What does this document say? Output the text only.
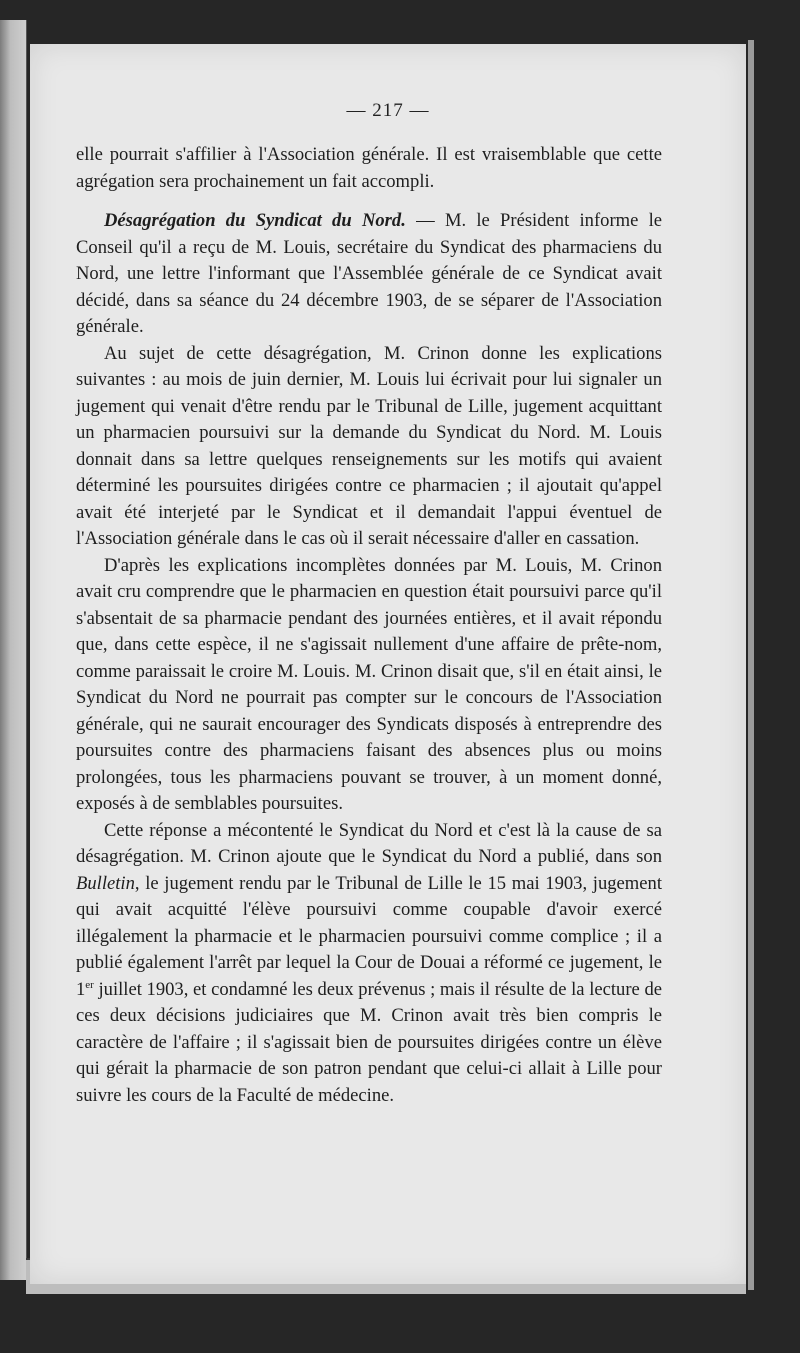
— 217 —

elle pourrait s'affilier à l'Association générale. Il est vraisemblable que cette agrégation sera prochainement un fait accompli.

Désagrégation du Syndicat du Nord. — M. le Président informe le Conseil qu'il a reçu de M. Louis, secrétaire du Syndicat des pharmaciens du Nord, une lettre l'informant que l'Assemblée générale de ce Syndicat avait décidé, dans sa séance du 24 décembre 1903, de se séparer de l'Association générale.

Au sujet de cette désagrégation, M. Crinon donne les explications suivantes : au mois de juin dernier, M. Louis lui écrivait pour lui signaler un jugement qui venait d'être rendu par le Tribunal de Lille, jugement acquittant un pharmacien poursuivi sur la demande du Syndicat du Nord. M. Louis donnait dans sa lettre quelques renseignements sur les motifs qui avaient déterminé les poursuites dirigées contre ce pharmacien ; il ajoutait qu'appel avait été interjeté par le Syndicat et il demandait l'appui éventuel de l'Association générale dans le cas où il serait nécessaire d'aller en cassation.

D'après les explications incomplètes données par M. Louis, M. Crinon avait cru comprendre que le pharmacien en question était poursuivi parce qu'il s'absentait de sa pharmacie pendant des journées entières, et il avait répondu que, dans cette espèce, il ne s'agissait nullement d'une affaire de prête-nom, comme paraissait le croire M. Louis. M. Crinon disait que, s'il en était ainsi, le Syndicat du Nord ne pourrait pas compter sur le concours de l'Association générale, qui ne saurait encourager des Syndicats disposés à entreprendre des poursuites contre des pharmaciens faisant des absences plus ou moins prolongées, tous les pharmaciens pouvant se trouver, à un moment donné, exposés à de semblables poursuites.

Cette réponse a mécontenté le Syndicat du Nord et c'est là la cause de sa désagrégation. M. Crinon ajoute que le Syndicat du Nord a publié, dans son Bulletin, le jugement rendu par le Tribunal de Lille le 15 mai 1903, jugement qui avait acquitté l'élève poursuivi comme coupable d'avoir exercé illégalement la pharmacie et le pharmacien poursuivi comme complice ; il a publié également l'arrêt par lequel la Cour de Douai a réformé ce jugement, le 1er juillet 1903, et condamné les deux prévenus ; mais il résulte de la lecture de ces deux décisions judiciaires que M. Crinon avait très bien compris le caractère de l'affaire ; il s'agissait bien de poursuites dirigées contre un élève qui gérait la pharmacie de son patron pendant que celui-ci allait à Lille pour suivre les cours de la Faculté de médecine.
